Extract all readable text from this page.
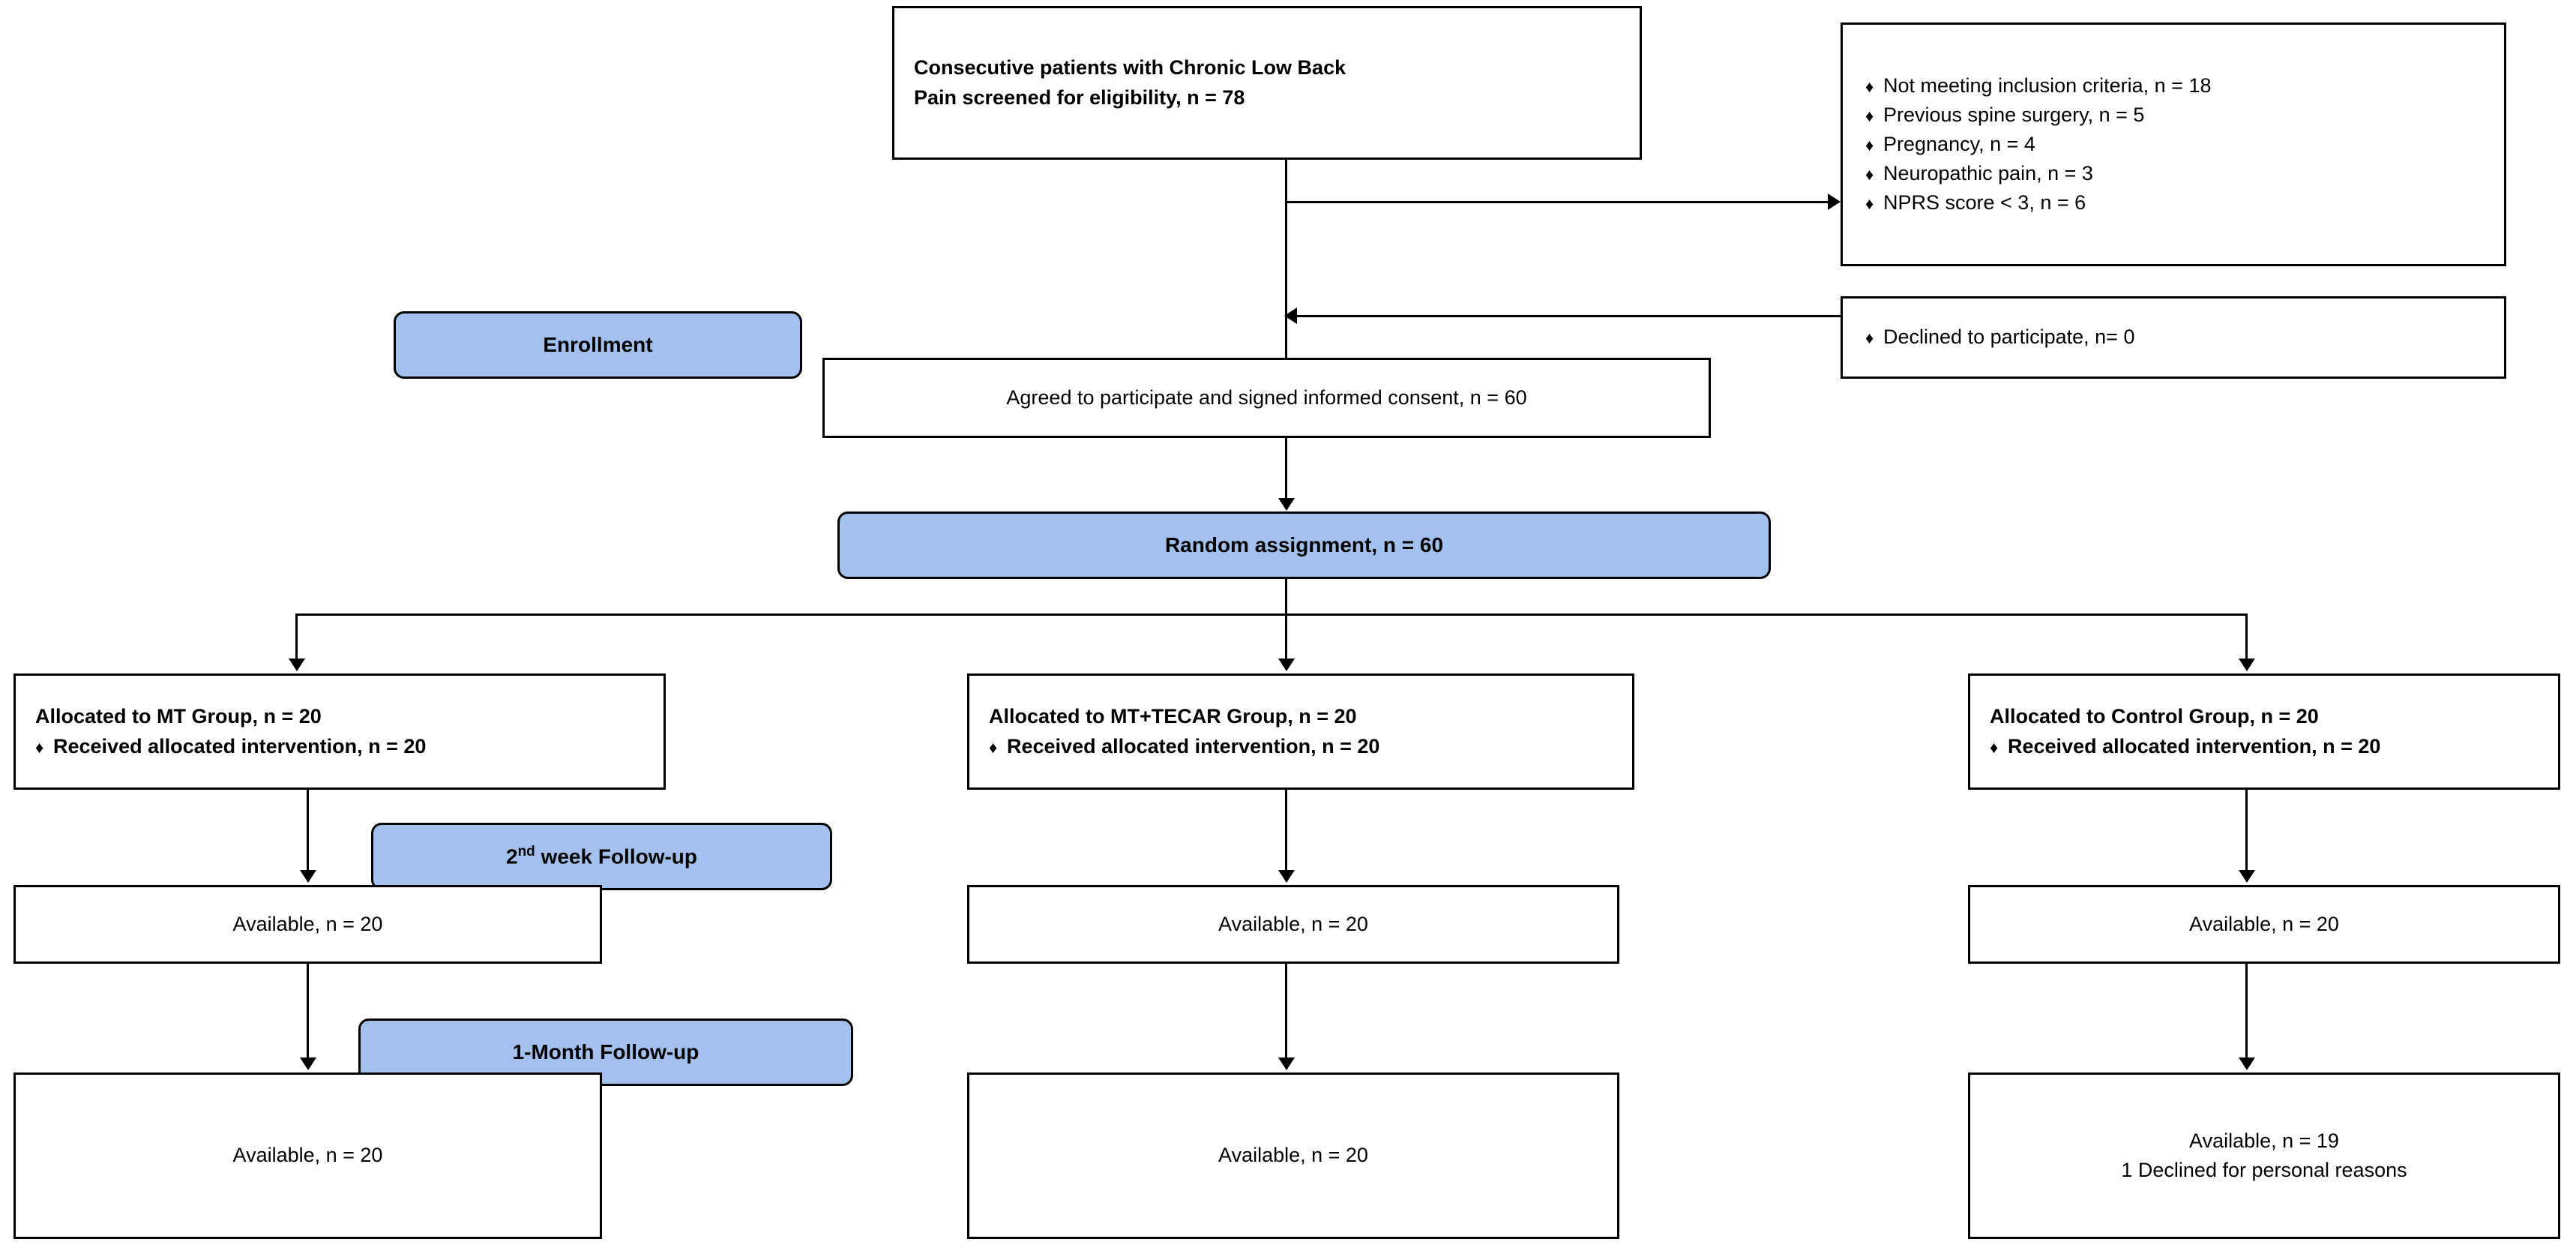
Consecutive patients with Chronic Low Back
Pain screened for eligibility, n = 78
♦ Not meeting inclusion criteria, n = 18
♦ Previous spine surgery, n = 5
♦ Pregnancy, n = 4
♦ Neuropathic pain, n = 3
♦ NPRS score < 3, n = 6
♦ Declined to participate, n= 0
Enrollment
Agreed to participate and signed informed consent, n = 60
Random assignment, n = 60
Allocated to MT Group, n = 20
♦ Received allocated intervention, n = 20
Allocated to MT+TECAR Group, n = 20
♦ Received allocated intervention, n = 20
Allocated to Control Group, n = 20
♦ Received allocated intervention, n = 20
2nd week Follow-up
Available, n = 20	Available, n = 20	Available, n = 20
1-Month Follow-up
Available, n = 20	Available, n = 20
Available, n = 19
1 Declined for personal reasons
